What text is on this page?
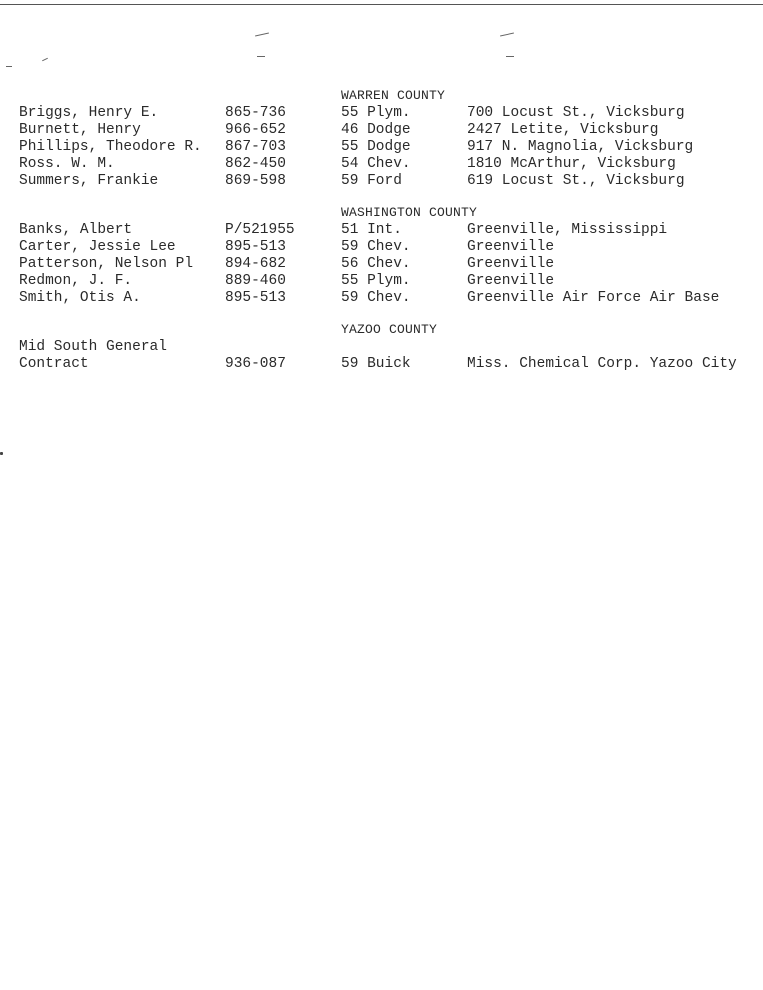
WARREN COUNTY
Briggs, Henry E.	865-736	55 Plym.	700 Locust St., Vicksburg
Burnett, Henry	966-652	46 Dodge	2427 Letite, Vicksburg
Phillips, Theodore R. 867-703	55 Dodge	917 N. Magnolia, Vicksburg
Ross. W. M.	862-450	54 Chev.	1810 McArthur, Vicksburg
Summers, Frankie	869-598	59 Ford	619 Locust St., Vicksburg
WASHINGTON COUNTY
Banks, Albert	P/521955	51 Int.	Greenville, Mississippi
Carter, Jessie Lee	895-513	59 Chev.	Greenville
Patterson, Nelson Pl 894-682	56 Chev.	Greenville
Redmon, J. F.	889-460	55 Plym.	Greenville
Smith, Otis A.	895-513	59 Chev.	Greenville Air Force Air Base
YAZOO COUNTY
Mid South General
Contract	936-087	59 Buick	Miss. Chemical Corp. Yazoo City
